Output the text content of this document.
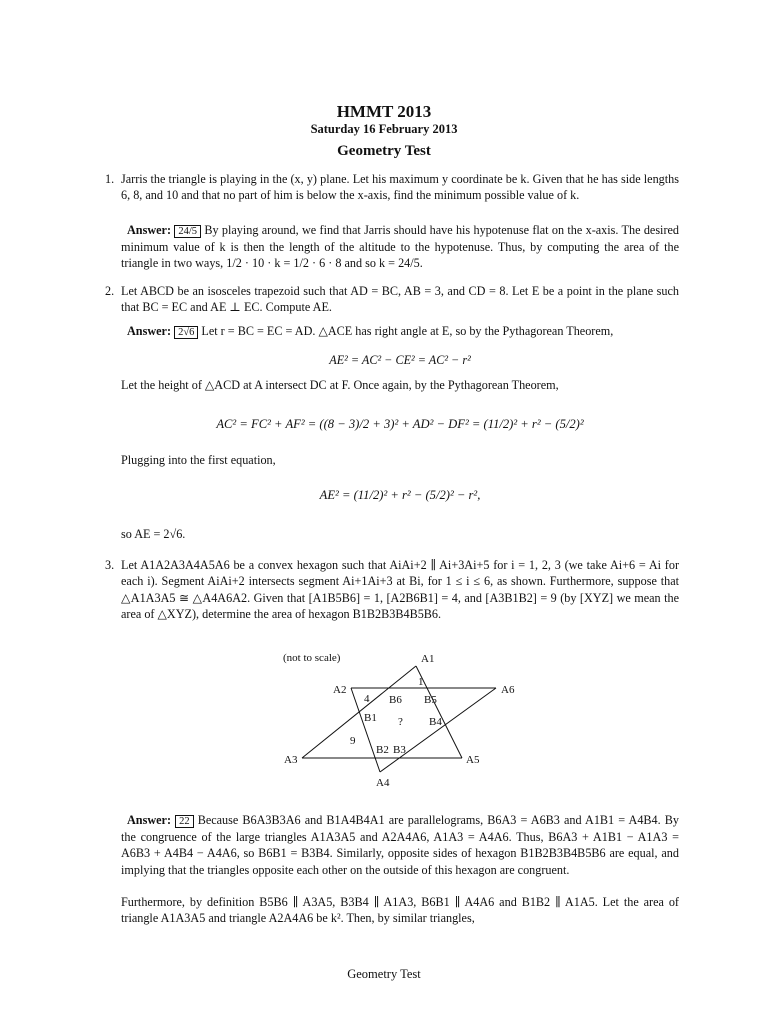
HMMT 2013
Saturday 16 February 2013
Geometry Test
1. Jarris the triangle is playing in the (x, y) plane. Let his maximum y coordinate be k. Given that he has side lengths 6, 8, and 10 and that no part of him is below the x-axis, find the minimum possible value of k.

Answer: 24/5 By playing around, we find that Jarris should have his hypotenuse flat on the x-axis. The desired minimum value of k is then the length of the altitude to the hypotenuse. Thus, by computing the area of the triangle in two ways, 1/2 · 10 · k = 1/2 · 6 · 8 and so k = 24/5.

2. Let ABCD be an isosceles trapezoid such that AD = BC, AB = 3, and CD = 8. Let E be a point in the plane such that BC = EC and AE ⊥ EC. Compute AE.

Answer: 2√6 Let r = BC = EC = AD. △ACE has right angle at E, so by the Pythagorean Theorem,

AE² = AC² − CE² = AC² − r²

Let the height of △ACD at A intersect DC at F. Once again, by the Pythagorean Theorem,

AC² = FC² + AF² = ((8 − 3)/2 + 3)² + AD² − DF² = (11/2)² + r² − (5/2)²

Plugging into the first equation,

AE² = (11/2)² + r² − (5/2)² − r²,

so AE = 2√6.

3. Let A1A2A3A4A5A6 be a convex hexagon such that AiAi+2 ∥ Ai+3Ai+5 for i = 1, 2, 3 (we take Ai+6 = Ai for each i). Segment AiAi+2 intersects segment Ai+1Ai+3 at Bi, for 1 ≤ i ≤ 6, as shown. Furthermore, suppose that △A1A3A5 ≅ △A4A6A2. Given that [A1B5B6] = 1, [A2B6B1] = 4, and [A3B1B2] = 9 (by [XYZ] we mean the area of △XYZ), determine the area of hexagon B1B2B3B4B5B6.

(not to scale)	A1
A2
A3
A4
A5
A6
B1
B2 B3
B4
B5
B6
1
4
9
?

Answer: 22 Because B6A3B3A6 and B1A4B4A1 are parallelograms, B6A3 = A6B3 and A1B1 = A4B4. By the congruence of the large triangles A1A3A5 and A2A4A6, A1A3 = A4A6. Thus, B6A3 + A1B1 − A1A3 = A6B3 + A4B4 − A4A6, so B6B1 = B3B4. Similarly, opposite sides of hexagon B1B2B3B4B5B6 are equal, and implying that the triangles opposite each other on the outside of this hexagon are congruent.

Furthermore, by definition B5B6 ∥ A3A5, B3B4 ∥ A1A3, B6B1 ∥ A4A6 and B1B2 ∥ A1A5. Let the area of triangle A1A3A5 and triangle A2A4A6 be k². Then, by similar triangles,

Geometry Test
